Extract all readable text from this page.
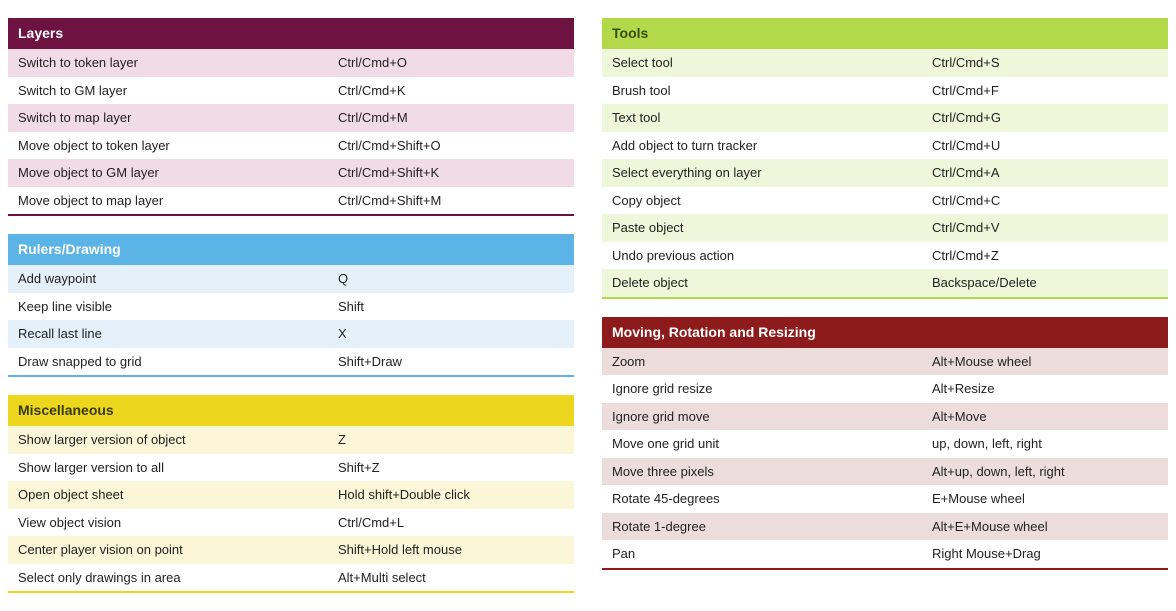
Layers
Switch to token layer	Ctrl/Cmd+O
Switch to GM layer	Ctrl/Cmd+K
Switch to map layer	Ctrl/Cmd+M
Move object to token layer	Ctrl/Cmd+Shift+O
Move object to GM layer	Ctrl/Cmd+Shift+K
Move object to map layer	Ctrl/Cmd+Shift+M
Rulers/Drawing
Add waypoint	Q
Keep line visible	Shift
Recall last line	X
Draw snapped to grid	Shift+Draw
Miscellaneous
Show larger version of object	Z
Show larger version to all	Shift+Z
Open object sheet	Hold shift+Double click
View object vision	Ctrl/Cmd+L
Center player vision on point	Shift+Hold left mouse
Select only drawings in area	Alt+Multi select
Tools
Select tool	Ctrl/Cmd+S
Brush tool	Ctrl/Cmd+F
Text tool	Ctrl/Cmd+G
Add object to turn tracker	Ctrl/Cmd+U
Select everything on layer	Ctrl/Cmd+A
Copy object	Ctrl/Cmd+C
Paste object	Ctrl/Cmd+V
Undo previous action	Ctrl/Cmd+Z
Delete object	Backspace/Delete
Moving, Rotation and Resizing
Zoom	Alt+Mouse wheel
Ignore grid resize	Alt+Resize
Ignore grid move	Alt+Move
Move one grid unit	up, down, left, right
Move three pixels	Alt+up, down, left, right
Rotate 45-degrees	E+Mouse wheel
Rotate 1-degree	Alt+E+Mouse wheel
Pan	Right Mouse+Drag
